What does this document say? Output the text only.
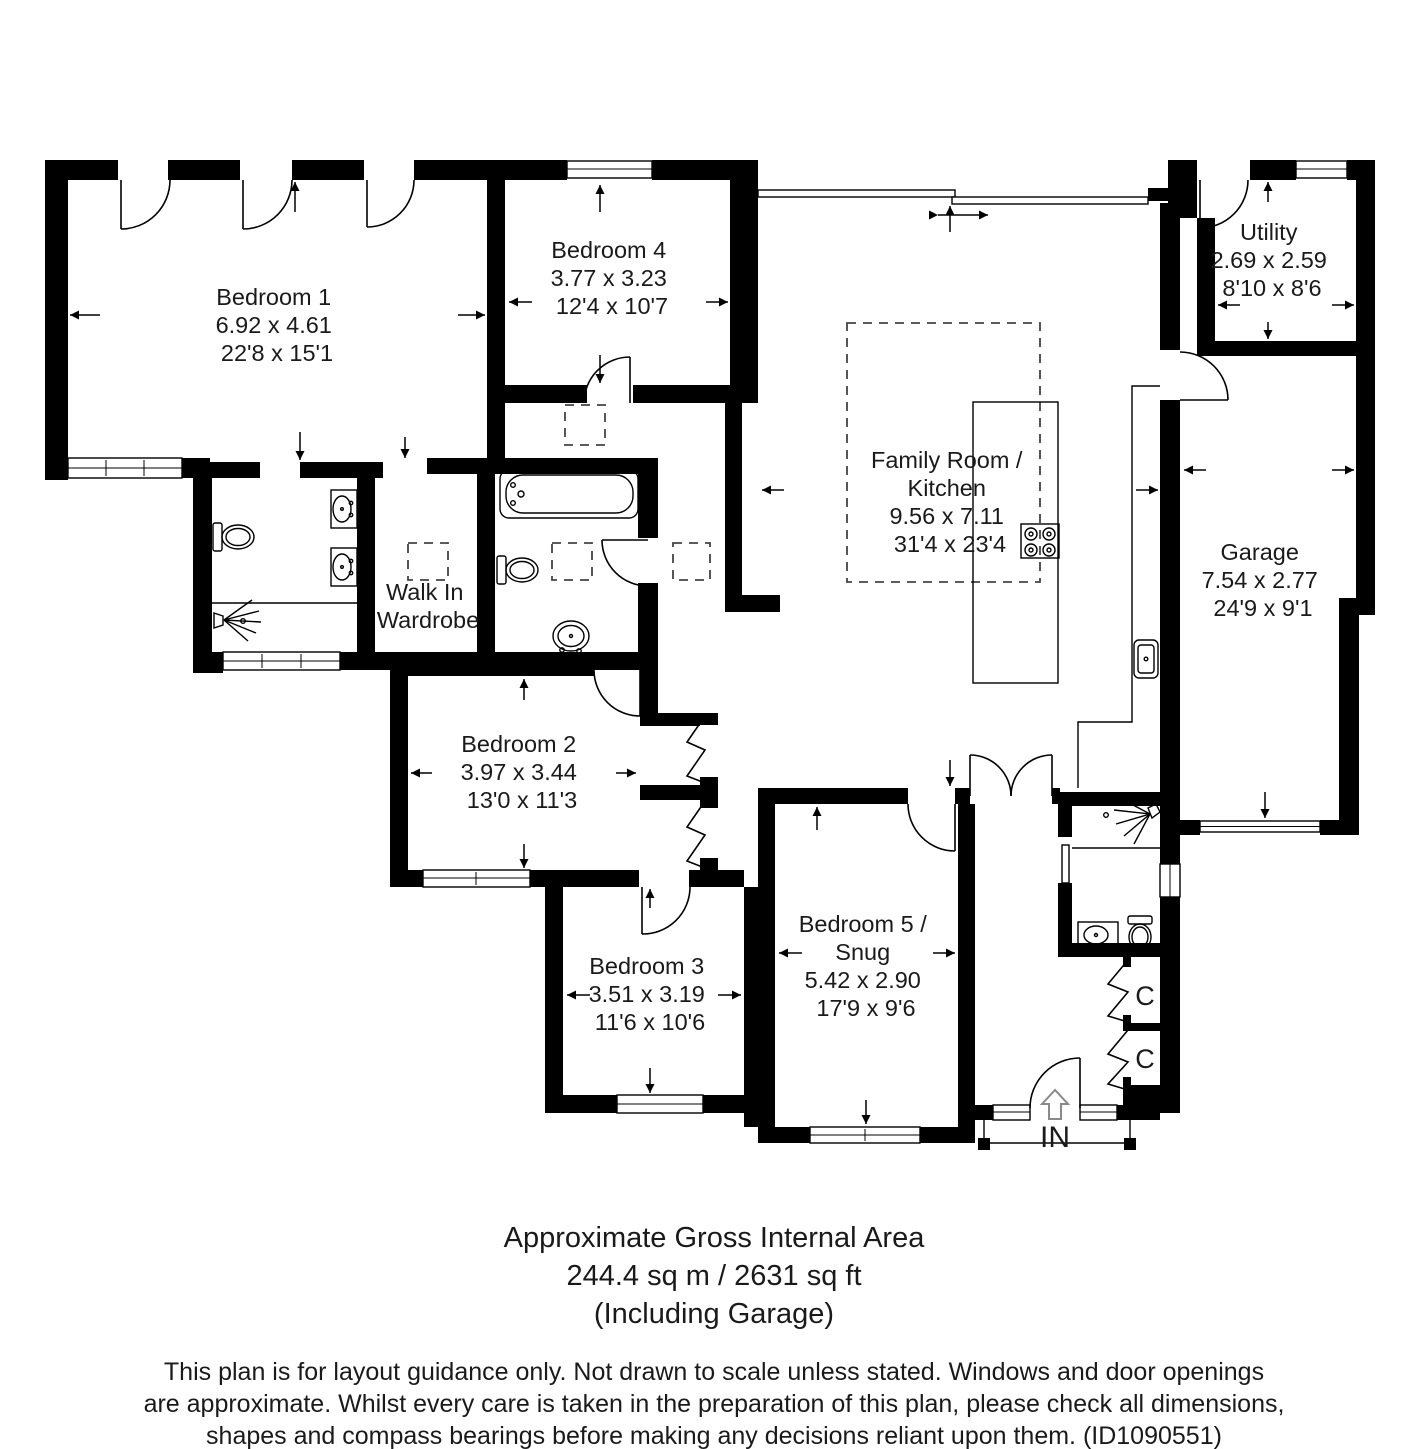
Bedroom 1 6.92 x 4.61 22'8 x 15'1
Bedroom 4 3.77 x 3.23 12'4 x 10'7
Utility 2.69 x 2.59 8'10 x 8'6
Family Room / Kitchen 9.56 x 7.11 31'4 x 23'4	Garage 7.54 x 2.77 24'9 x 9'1
Walk In Wardrobe
Bedroom 2 3.97 x 3.44 13'0 x 11'3
Bedroom 3 3.51 x 3.19 11'6 x 10'6
Bedroom 5 / Snug 5.42 x 2.90 17'9 x 9'6	C
C
IN
Approximate Gross Internal Area
244.4 sq m / 2631 sq ft
(Including Garage)
This plan is for layout guidance only. Not drawn to scale unless stated. Windows and door openings
are approximate. Whilst every care is taken in the preparation of this plan, please check all dimensions,
shapes and compass bearings before making any decisions reliant upon them. (ID1090551)
